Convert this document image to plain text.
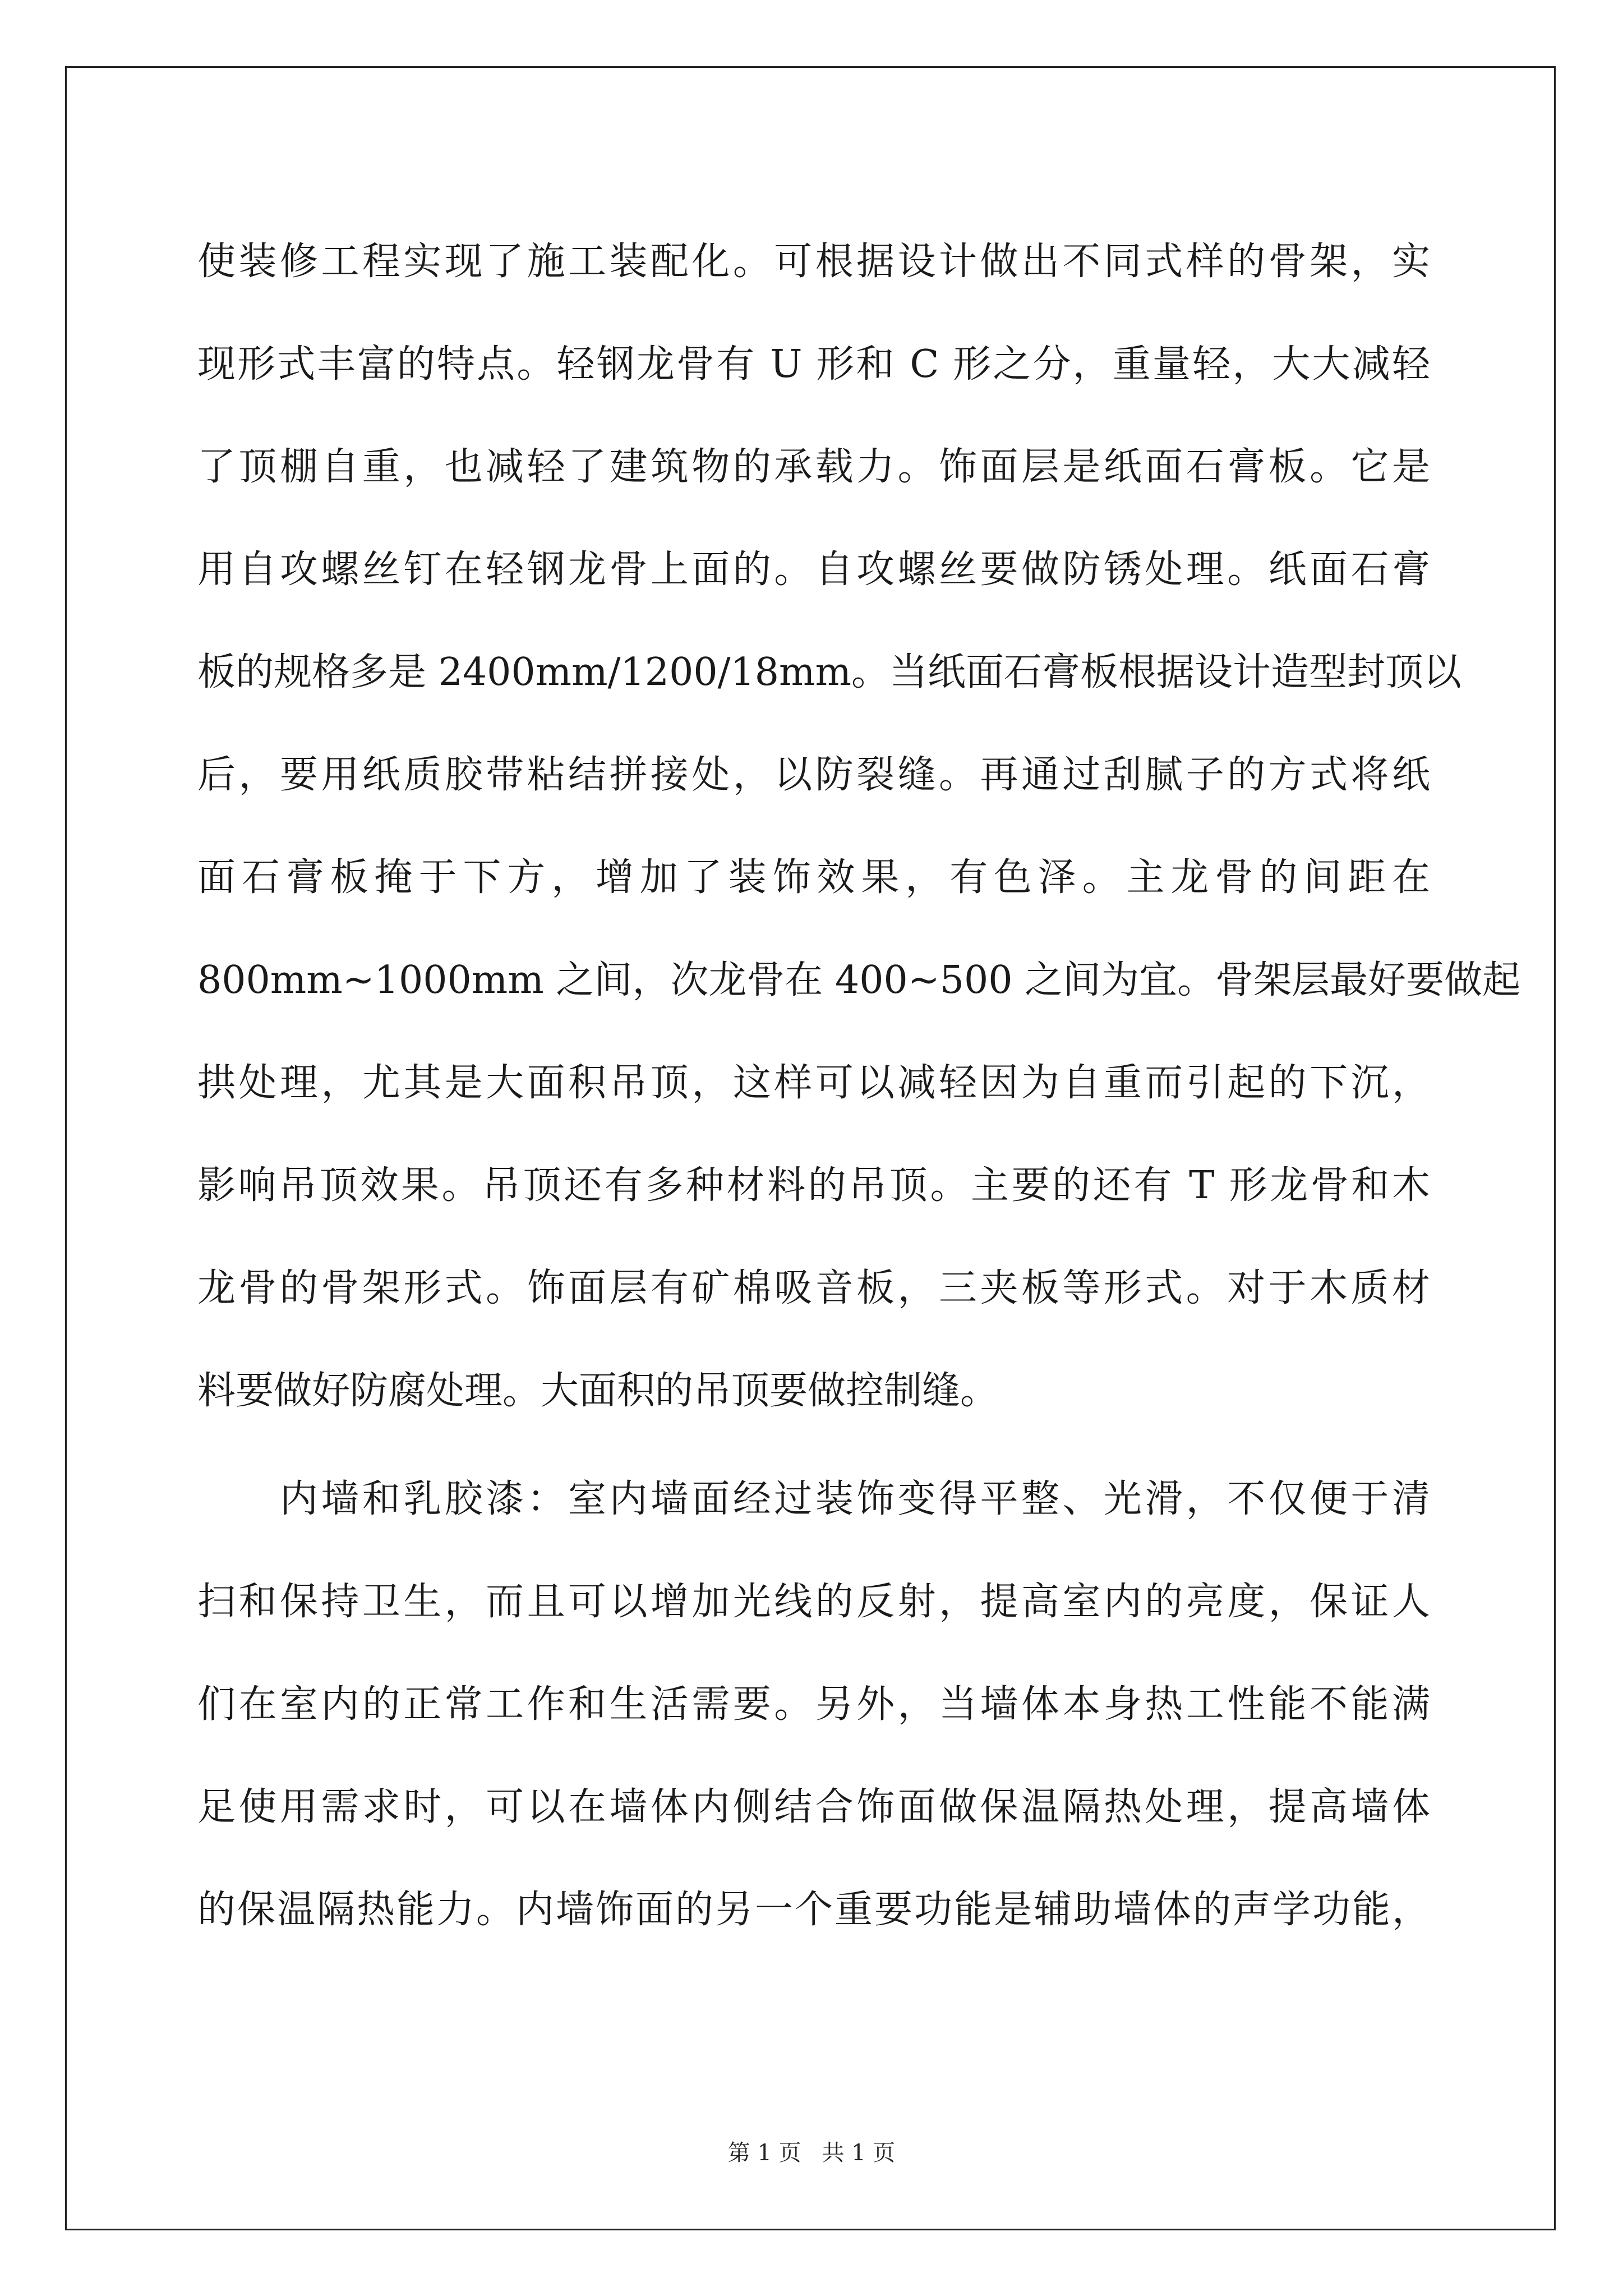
使装修工程实现了施工装配化。可根据设计做出不同式样的骨架，实
现形式丰富的特点。轻钢龙骨有 U 形和 C 形之分，重量轻，大大减轻
了顶棚自重，也减轻了建筑物的承载力。饰面层是纸面石膏板。它是
用自攻螺丝钉在轻钢龙骨上面的。自攻螺丝要做防锈处理。纸面石膏
板的规格多是 2400mm/1200/18mm。当纸面石膏板根据设计造型封顶以
后，要用纸质胶带粘结拼接处，以防裂缝。再通过刮腻子的方式将纸
面石膏板掩于下方，增加了装饰效果，有色泽。主龙骨的间距在
800mm~1000mm 之间，次龙骨在 400~500 之间为宜。骨架层最好要做起
拱处理，尤其是大面积吊顶，这样可以减轻因为自重而引起的下沉，
影响吊顶效果。吊顶还有多种材料的吊顶。主要的还有 T 形龙骨和木
龙骨的骨架形式。饰面层有矿棉吸音板，三夹板等形式。对于木质材
料要做好防腐处理。大面积的吊顶要做控制缝。
　　内墙和乳胶漆：室内墙面经过装饰变得平整、光滑，不仅便于清
扫和保持卫生，而且可以增加光线的反射，提高室内的亮度，保证人
们在室内的正常工作和生活需要。另外，当墙体本身热工性能不能满
足使用需求时，可以在墙体内侧结合饰面做保温隔热处理，提高墙体
的保温隔热能力。内墙饰面的另一个重要功能是辅助墙体的声学功能，
第 1 页 共 1 页
